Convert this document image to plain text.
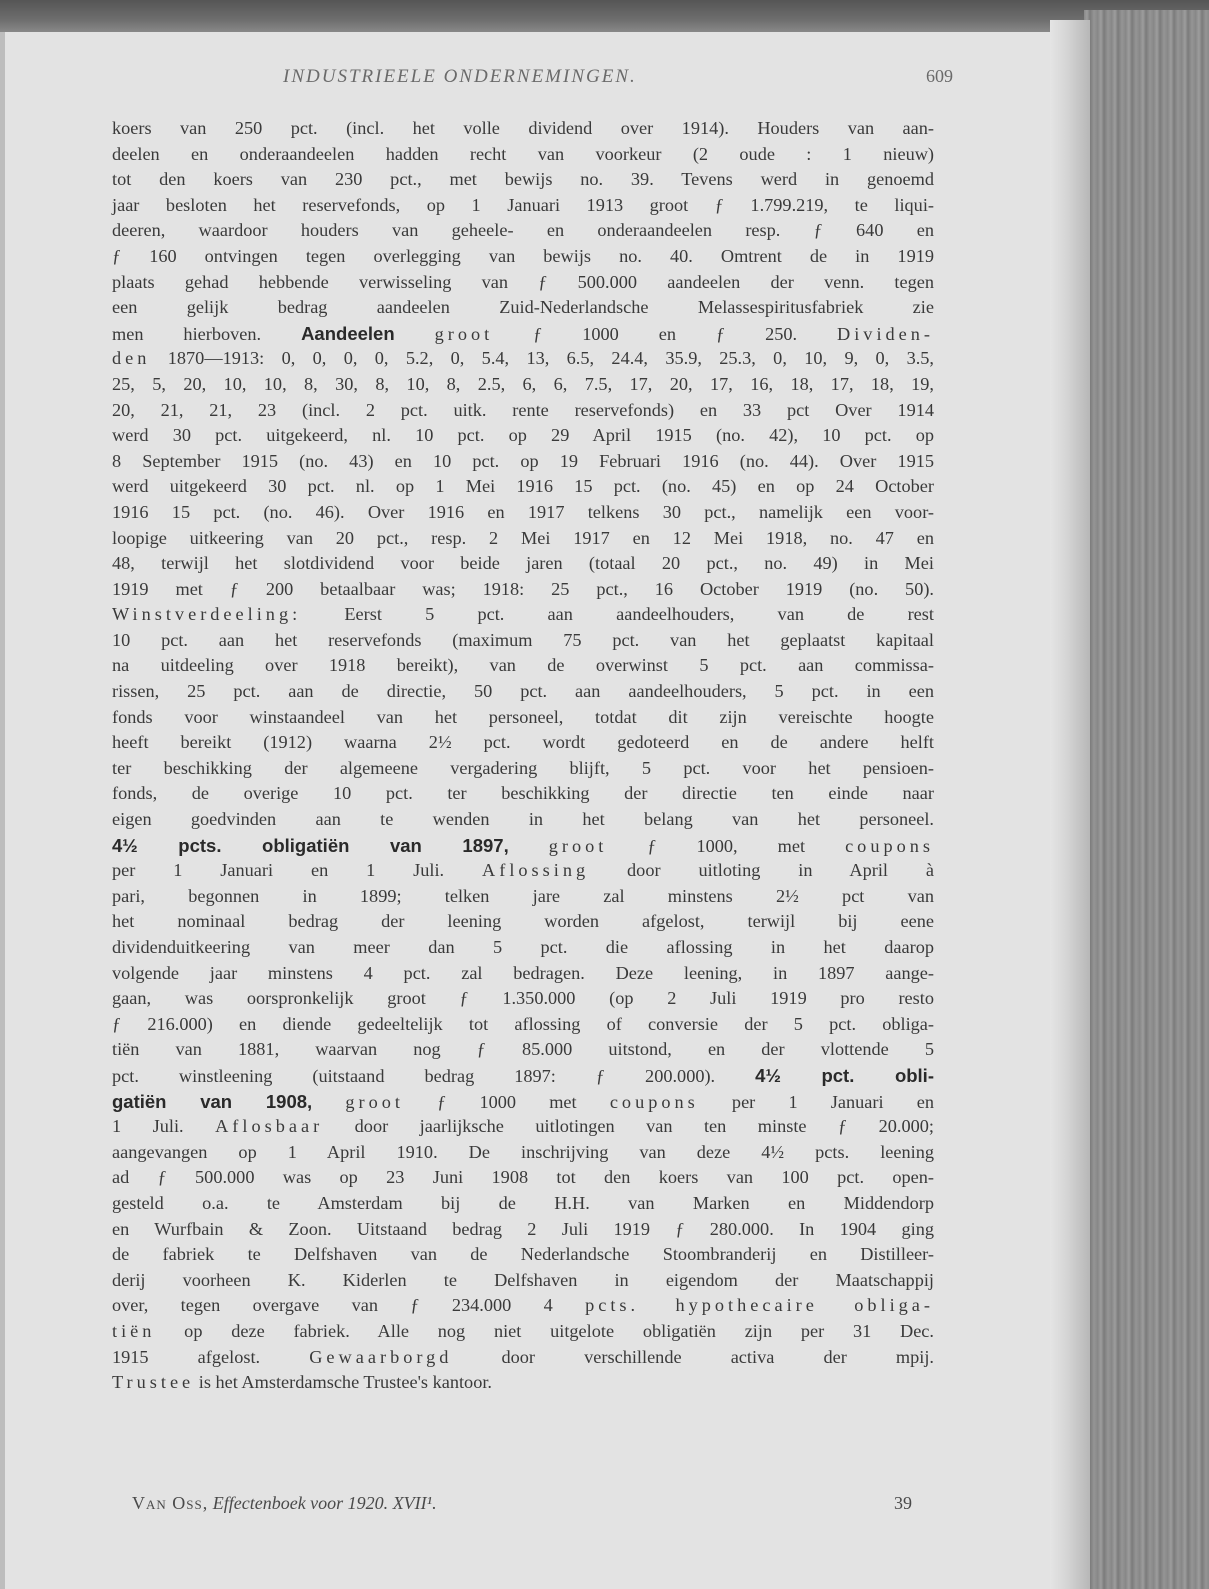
INDUSTRIEELE ONDERNEMINGEN.	609
koers van 250 pct. (incl. het volle dividend over 1914). Houders van aan-
deelen en onderaandeelen hadden recht van voorkeur (2 oude : 1 nieuw)
tot den koers van 230 pct., met bewijs no. 39. Tevens werd in genoemd
jaar besloten het reservefonds, op 1 Januari 1913 groot ƒ 1.799.219, te liqui-
deeren, waardoor houders van geheele- en onderaandeelen resp. ƒ 640 en
ƒ 160 ontvingen tegen overlegging van bewijs no. 40. Omtrent de in 1919
plaats gehad hebbende verwisseling van ƒ 500.000 aandeelen der venn. tegen
een gelijk bedrag aandeelen Zuid-Nederlandsche Melassespiritusfabriek zie
men hierboven. Aandeelen groot ƒ 1000 en ƒ 250. Dividen-
den 1870—1913: 0, 0, 0, 0, 5.2, 0, 5.4, 13, 6.5, 24.4, 35.9, 25.3, 0, 10, 9, 0, 3.5,
25, 5, 20, 10, 10, 8, 30, 8, 10, 8, 2.5, 6, 6, 7.5, 17, 20, 17, 16, 18, 17, 18, 19,
20, 21, 21, 23 (incl. 2 pct. uitk. rente reservefonds) en 33 pct Over 1914
werd 30 pct. uitgekeerd, nl. 10 pct. op 29 April 1915 (no. 42), 10 pct. op
8 September 1915 (no. 43) en 10 pct. op 19 Februari 1916 (no. 44). Over 1915
werd uitgekeerd 30 pct. nl. op 1 Mei 1916 15 pct. (no. 45) en op 24 October
1916 15 pct. (no. 46). Over 1916 en 1917 telkens 30 pct., namelijk een voor-
loopige uitkeering van 20 pct., resp. 2 Mei 1917 en 12 Mei 1918, no. 47 en
48, terwijl het slotdividend voor beide jaren (totaal 20 pct., no. 49) in Mei
1919 met ƒ 200 betaalbaar was; 1918: 25 pct., 16 October 1919 (no. 50).
Winstverdeeling: Eerst 5 pct. aan aandeelhouders, van de rest
10 pct. aan het reservefonds (maximum 75 pct. van het geplaatst kapitaal
na uitdeeling over 1918 bereikt), van de overwinst 5 pct. aan commissa-
rissen, 25 pct. aan de directie, 50 pct. aan aandeelhouders, 5 pct. in een
fonds voor winstaandeel van het personeel, totdat dit zijn vereischte hoogte
heeft bereikt (1912) waarna 2½ pct. wordt gedoteerd en de andere helft
ter beschikking der algemeene vergadering blijft, 5 pct. voor het pensioen-
fonds, de overige 10 pct. ter beschikking der directie ten einde naar
eigen goedvinden aan te wenden in het belang van het personeel.
4½ pcts. obligatiën van 1897, groot ƒ 1000, met coupons
per 1 Januari en 1 Juli. Aflossing door uitloting in April à
pari, begonnen in 1899; telken jare zal minstens 2½ pct van
het nominaal bedrag der leening worden afgelost, terwijl bij eene
dividenduitkeering van meer dan 5 pct. die aflossing in het daarop
volgende jaar minstens 4 pct. zal bedragen. Deze leening, in 1897 aange-
gaan, was oorspronkelijk groot ƒ 1.350.000 (op 2 Juli 1919 pro resto
ƒ 216.000) en diende gedeeltelijk tot aflossing of conversie der 5 pct. obliga-
tiën van 1881, waarvan nog ƒ 85.000 uitstond, en der vlottende 5
pct. winstleening (uitstaand bedrag 1897: ƒ 200.000). 4½ pct. obli-
gatiën van 1908, groot ƒ 1000 met coupons per 1 Januari en
1 Juli. Aflosbaar door jaarlijksche uitlotingen van ten minste ƒ 20.000;
aangevangen op 1 April 1910. De inschrijving van deze 4½ pcts. leening
ad ƒ 500.000 was op 23 Juni 1908 tot den koers van 100 pct. open-
gesteld o.a. te Amsterdam bij de H.H. van Marken en Middendorp
en Wurfbain & Zoon. Uitstaand bedrag 2 Juli 1919 ƒ 280.000. In 1904 ging
de fabriek te Delfshaven van de Nederlandsche Stoombranderij en Distilleer-
derij voorheen K. Kiderlen te Delfshaven in eigendom der Maatschappij
over, tegen overgave van ƒ 234.000 4 pcts. hypothecaire obliga-
tiën op deze fabriek. Alle nog niet uitgelote obligatiën zijn per 31 Dec.
1915 afgelost. Gewaarborgd door verschillende activa der mpij.
Trustee is het Amsterdamsche Trustee's kantoor.
Van Oss, Effectenboek voor 1920. XVII¹.	39
